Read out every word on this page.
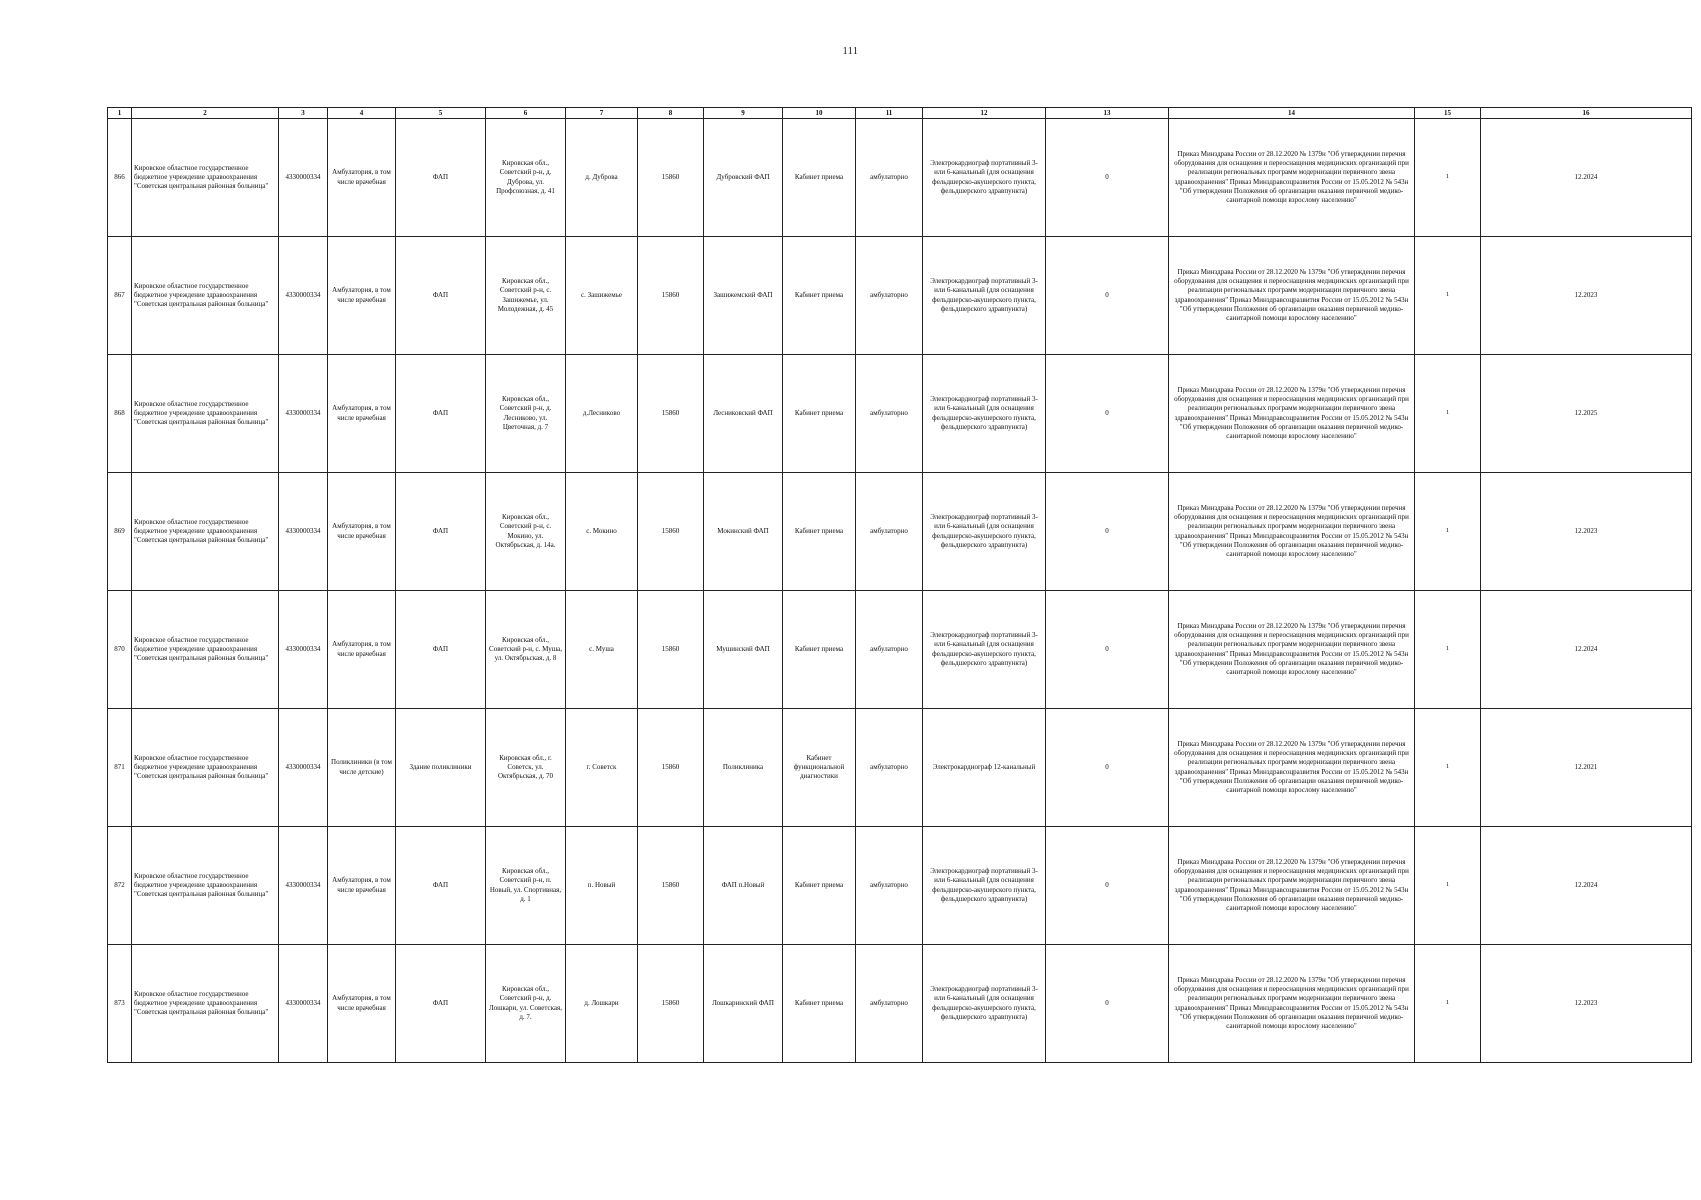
111
1	2	3	4	5	6	7	8	9	10	11	12	13	14	15	16
866	Кировское областное государственное бюджетное учреждение здравоохранения "Советская центральная районная больница"	4330000334	Амбулатория, в том числе врачебная	ФАП	Кировская обл., Советский р-н, д. Дуброва, ул. Профсоюзная, д. 41	д. Дуброва	15860	Дубровский ФАП	Кабинет приема	амбулаторно	Электрокардиограф портативный 3- или 6-канальный (для оснащения фельдшерско-акушерского пункта, фельдшерского здравпункта)	0	Приказ Минздрава России от 28.12.2020 № 1379н "Об утверждении перечня оборудования для оснащения и переоснащения медицинских организаций при реализации региональных программ модернизации первичного звена здравоохранения" Приказ Минздравсоцразвития России от 15.05.2012 № 543н "Об утверждении Положения об организации оказания первичной медико-санитарной помощи взрослому населению"	1	12.2024
867	Кировское областное государственное бюджетное учреждение здравоохранения "Советская центральная районная больница"	4330000334	Амбулатория, в том числе врачебная	ФАП	Кировская обл., Советский р-н, с. Зашижемье, ул. Молодежная, д. 45	с. Зашижемье	15860	Зашижемский ФАП	Кабинет приема	амбулаторно	Электрокардиограф портативный 3- или 6-канальный (для оснащения фельдшерско-акушерского пункта, фельдшерского здравпункта)	0	Приказ Минздрава России от 28.12.2020 № 1379н "Об утверждении перечня оборудования для оснащения и переоснащения медицинских организаций при реализации региональных программ модернизации первичного звена здравоохранения" Приказ Минздравсоцразвития России от 15.05.2012 № 543н "Об утверждении Положения об организации оказания первичной медико-санитарной помощи взрослому населению"	1	12.2023
868	Кировское областное государственное бюджетное учреждение здравоохранения "Советская центральная районная больница"	4330000334	Амбулатория, в том числе врачебная	ФАП	Кировская обл., Советский р-н, д. Лесниково, ул. Цветочная, д. 7	д.Лесниково	15860	Лесниковский ФАП	Кабинет приема	амбулаторно	Электрокардиограф портативный 3- или 6-канальный (для оснащения фельдшерско-акушерского пункта, фельдшерского здравпункта)	0	Приказ Минздрава России от 28.12.2020 № 1379н "Об утверждении перечня оборудования для оснащения и переоснащения медицинских организаций при реализации региональных программ модернизации первичного звена здравоохранения" Приказ Минздравсоцразвития России от 15.05.2012 № 543н "Об утверждении Положения об организации оказания первичной медико-санитарной помощи взрослому населению"	1	12.2025
869	Кировское областное государственное бюджетное учреждение здравоохранения "Советская центральная районная больница"	4330000334	Амбулатория, в том числе врачебная	ФАП	Кировская обл., Советский р-н, с. Мокино, ул. Октябрьская, д. 14а.	с. Мокино	15860	Мокинский ФАП	Кабинет приема	амбулаторно	Электрокардиограф портативный 3- или 6-канальный (для оснащения фельдшерско-акушерского пункта, фельдшерского здравпункта)	0	Приказ Минздрава России от 28.12.2020 № 1379н "Об утверждении перечня оборудования для оснащения и переоснащения медицинских организаций при реализации региональных программ модернизации первичного звена здравоохранения" Приказ Минздравсоцразвития России от 15.05.2012 № 543н "Об утверждении Положения об организации оказания первичной медико-санитарной помощи взрослому населению"	1	12.2023
870	Кировское областное государственное бюджетное учреждение здравоохранения "Советская центральная районная больница"	4330000334	Амбулатория, в том числе врачебная	ФАП	Кировская обл., Советский р-н, с. Муша, ул. Октябрьская, д. 8	с. Муша	15860	Мушинский ФАП	Кабинет приема	амбулаторно	Электрокардиограф портативный 3- или 6-канальный (для оснащения фельдшерско-акушерского пункта, фельдшерского здравпункта)	0	Приказ Минздрава России от 28.12.2020 № 1379н "Об утверждении перечня оборудования для оснащения и переоснащения медицинских организаций при реализации региональных программ модернизации первичного звена здравоохранения" Приказ Минздравсоцразвития России от 15.05.2012 № 543н "Об утверждении Положения об организации оказания первичной медико-санитарной помощи взрослому населению"	1	12.2024
871	Кировское областное государственное бюджетное учреждение здравоохранения "Советская центральная районная больница"	4330000334	Поликлиники (в том числе детские)	Здание поликлиники	Кировская обл., г. Советск, ул. Октябрьская, д. 70	г. Советск	15860	Поликлиника	Кабинет функциональной диагностики	амбулаторно	Электрокардиограф 12-канальный	0	Приказ Минздрава России от 28.12.2020 № 1379н "Об утверждении перечня оборудования для оснащения и переоснащения медицинских организаций при реализации региональных программ модернизации первичного звена здравоохранения" Приказ Минздравсоцразвития России от 15.05.2012 № 543н "Об утверждении Положения об организации оказания первичной медико-санитарной помощи взрослому населению"	1	12.2021
872	Кировское областное государственное бюджетное учреждение здравоохранения "Советская центральная районная больница"	4330000334	Амбулатория, в том числе врачебная	ФАП	Кировская обл., Советский р-н, п. Новый, ул. Спортивная, д. 1	п. Новый	15860	ФАП п.Новый	Кабинет приема	амбулаторно	Электрокардиограф портативный 3- или 6-канальный (для оснащения фельдшерско-акушерского пункта, фельдшерского здравпункта)	0	Приказ Минздрава России от 28.12.2020 № 1379н "Об утверждении перечня оборудования для оснащения и переоснащения медицинских организаций при реализации региональных программ модернизации первичного звена здравоохранения" Приказ Минздравсоцразвития России от 15.05.2012 № 543н "Об утверждении Положения об организации оказания первичной медико-санитарной помощи взрослому населению"	1	12.2024
873	Кировское областное государственное бюджетное учреждение здравоохранения "Советская центральная районная больница"	4330000334	Амбулатория, в том числе врачебная	ФАП	Кировская обл., Советский р-н, д. Лошкари, ул. Советская, д. 7.	д. Лошкари	15860	Лошкаринский ФАП	Кабинет приема	амбулаторно	Электрокардиограф портативный 3- или 6-канальный (для оснащения фельдшерско-акушерского пункта, фельдшерского здравпункта)	0	Приказ Минздрава России от 28.12.2020 № 1379н "Об утверждении перечня оборудования для оснащения и переоснащения медицинских организаций при реализации региональных программ модернизации первичного звена здравоохранения" Приказ Минздравсоцразвития России от 15.05.2012 № 543н "Об утверждении Положения об организации оказания первичной медико-санитарной помощи взрослому населению"	1	12.2023
